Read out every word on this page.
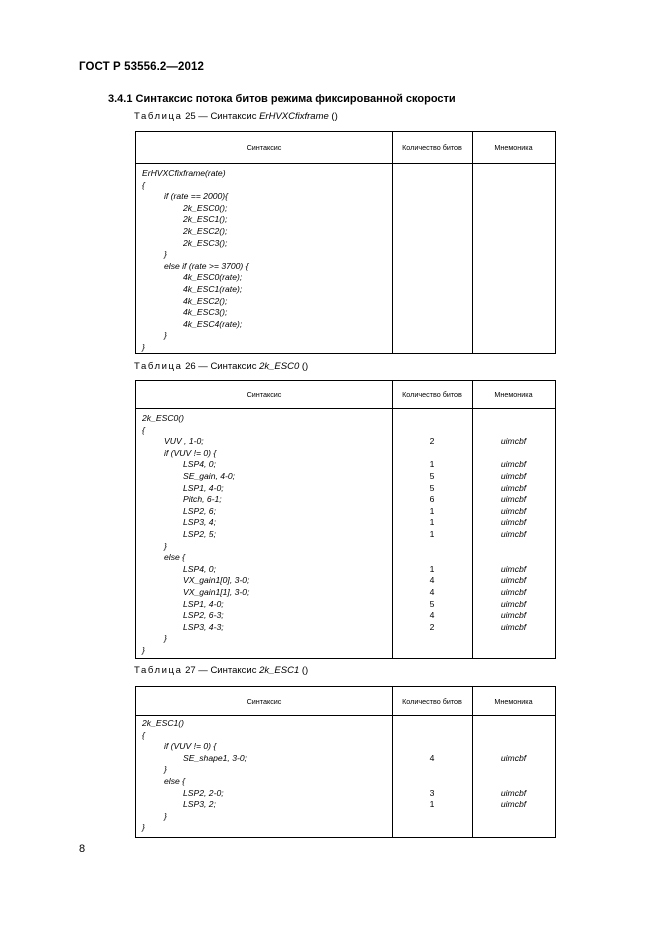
ГОСТ Р 53556.2—2012
3.4.1 Синтаксис потока битов режима фиксированной скорости
Таблица 25 — Синтаксис ErHVXCfixframe ()
Синтаксис	Количество битов	Мнемоника
ErHVXCfixframe(rate)
{
if (rate == 2000){
2k_ESC0();
2k_ESC1();
2k_ESC2();
2k_ESC3();
}
else if (rate >= 3700) {
4k_ESC0(rate);
4k_ESC1(rate);
4k_ESC2();
4k_ESC3();
4k_ESC4(rate);
}
}
Таблица 26 — Синтаксис 2k_ESC0 ()
Синтаксис	Количество битов	Мнемоника
2k_ESC0()
{
VUV , 1-0;	2	uimcbf
if (VUV != 0) {
LSP4, 0;	1	uimcbf
SE_gain, 4-0;	5	uimcbf
LSP1, 4-0;	5	uimcbf
Pitch, 6-1;	6	uimcbf
LSP2, 6;	1	uimcbf
LSP3, 4;	1	uimcbf
LSP2, 5;	1	uimcbf
}
else {
LSP4, 0;	1	uimcbf
VX_gain1[0], 3-0;	4	uimcbf
VX_gain1[1], 3-0;	4	uimcbf
LSP1, 4-0;	5	uimcbf
LSP2, 6-3;	4	uimcbf
LSP3, 4-3;	2	uimcbf
}
}
Таблица 27 — Синтаксис 2k_ESC1 ()
Синтаксис	Количество битов	Мнемоника
2k_ESC1()
{
if (VUV != 0) {
SE_shape1, 3-0;	4	uimcbf
}
else {
LSP2, 2-0;	3	uimcbf
LSP3, 2;	1	uimcbf
}
}
8
